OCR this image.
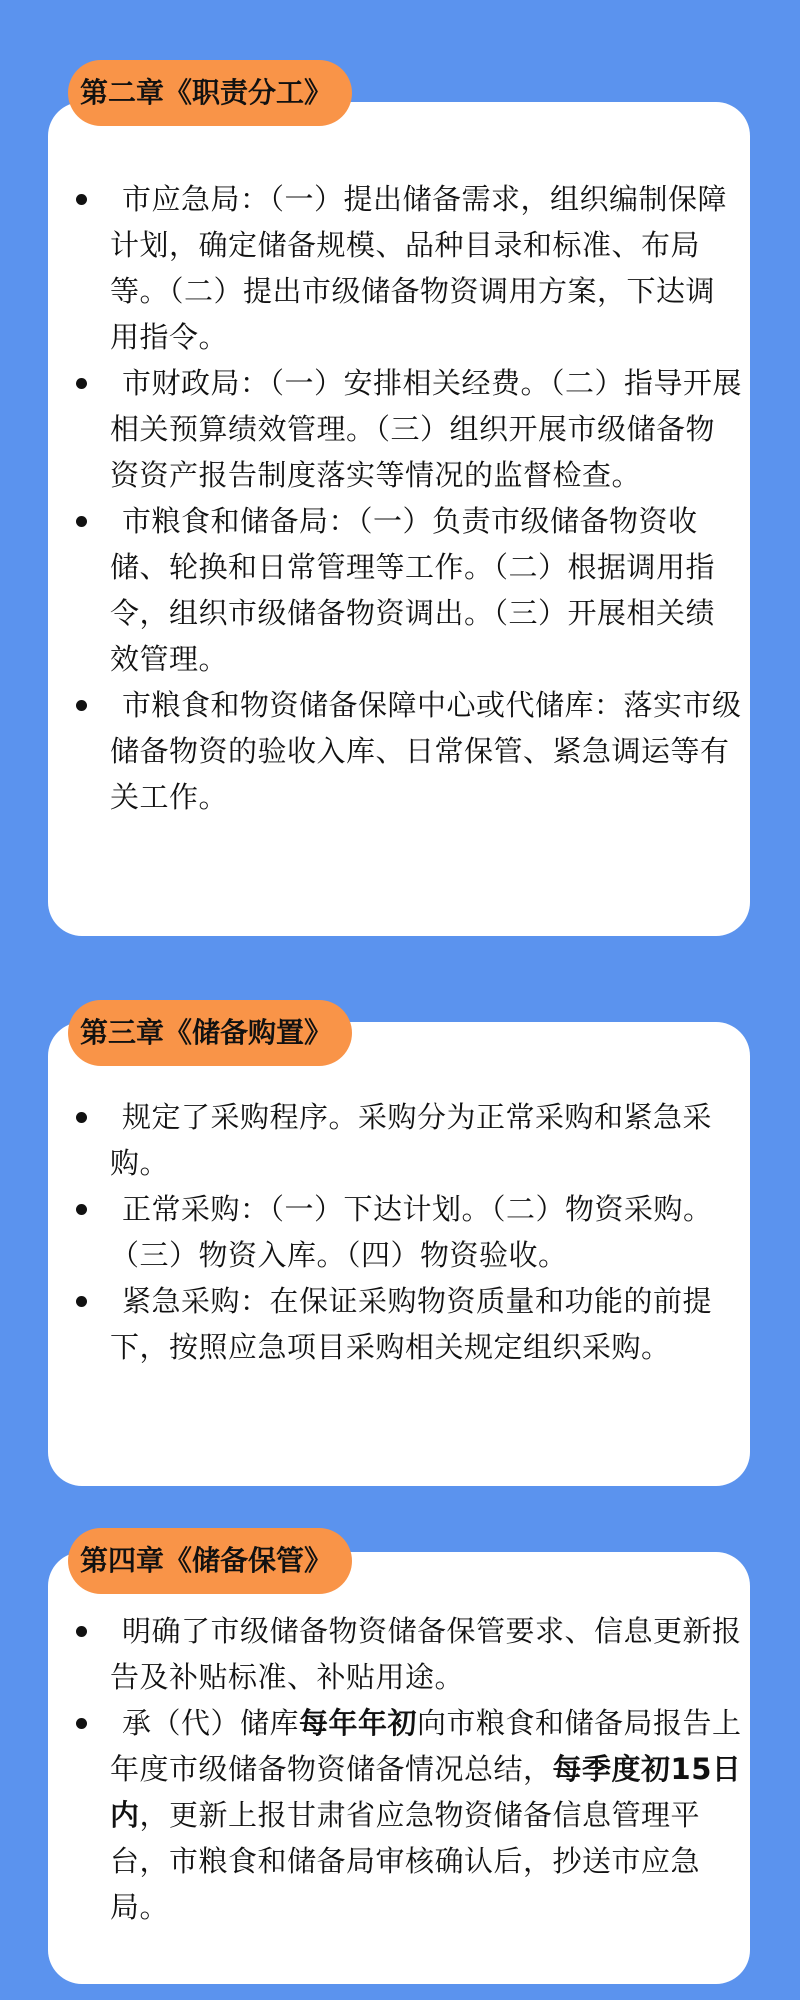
第二章《职责分工》
市应急局：（一）提出储备需求，组织编制保障计划，确定储备规模、品种目录和标准、布局等。（二）提出市级储备物资调用方案，下达调用指令。
市财政局：（一）安排相关经费。（二）指导开展相关预算绩效管理。（三）组织开展市级储备物资资产报告制度落实等情况的监督检查。
市粮食和储备局：（一）负责市级储备物资收储、轮换和日常管理等工作。（二）根据调用指令，组织市级储备物资调出。（三）开展相关绩效管理。
市粮食和物资储备保障中心或代储库：落实市级储备物资的验收入库、日常保管、紧急调运等有关工作。
第三章《储备购置》
规定了采购程序。采购分为正常采购和紧急采购。
正常采购：（一）下达计划。（二）物资采购。（三）物资入库。（四）物资验收。
紧急采购：在保证采购物资质量和功能的前提下，按照应急项目采购相关规定组织采购。
第四章《储备保管》
明确了市级储备物资储备保管要求、信息更新报告及补贴标准、补贴用途。
承（代）储库每年年初向市粮食和储备局报告上年度市级储备物资储备情况总结，每季度初15日内，更新上报甘肃省应急物资储备信息管理平台，市粮食和储备局审核确认后，抄送市应急局。
